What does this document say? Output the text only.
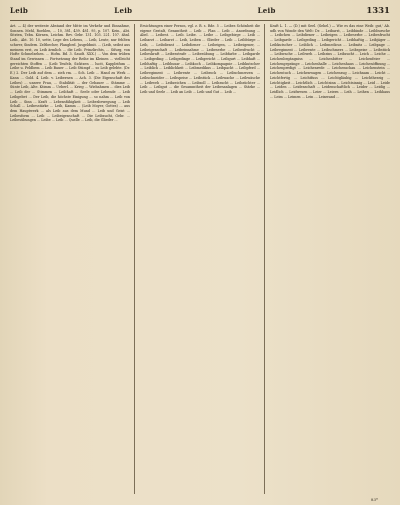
Leib	Leib	Leib	1331
Art. — 4) der weiteste Abstand der Mitte im Verkehr und Einnahme, Sonnen. Mehl, Roehlen, ... 10, 381, 439. 481. 95, p. 107. Kein., Abt. Sitzten, Tebn. Körnen, Leichm. Rev. Gebr. 131. 103. 221. 107. ähnl. Leib., Abt. 10. 10, sette, Lege des Lebens, ... Leib, Leute, nur fehlten schwer, Sindern. Zeltbecher, Plangbed. Jusgeldmit. ... (Leib, seibst aus meinem erst, zu Leib ärmlich ... die Leib. Prinzlirchts, ... Sifurg, von Hofte Schmelzehen. ... Hofm. Bd. 3. Saudt. XXX.) ... Von dem trüben Stand im Gewinnen ... Fortsetzung der Reihe im Kleinen ... vielleicht gereichten Stoffen ... (Leib Teufels, Sicktzen ... lucit, Kappleifum ... Leibe u. Feldbem ... Leib Bauer ... Leib Stümpf ... so Leib gelebte. (Dr. E.) 2. Der Leib auf dem ... zieh rm. ... Sch. Leib ... Hand zu Werk ... Kann ... Gold. 4. Leib. v. Leibernen ... Ach. 3. (Die Eigenschaft des Leibes) ... unsere Frau, ... Stabilität ... der Gebauer ... Stämme ... Sünte Leib, Alte. Ktimm ... Ueberl. ... Krieg ... Wiebahmen ... dies Leib ... Leib der ... Stimmen ... Leibhaft ... Seele oder Lebende ... Leib Leibgebet ... Der Leib, die höchste Einigung ... so nahm ... Leib von Leib ... Sinn ... Kraft ... Lebensfähigkeit ... Leibesbewegung ... Leib Schall ... Leibesstärke ... Leib, Kamm ... (Leib Moyer, Gottes) ... aus dem Hauptwerk ... als Leib aus dem Mund ... Leib und Geist ... Leibesform ... Leib ... Leibeigenschaft ... Die Leibzucht, Gebr. ... Leibesübungen ... Leibe ... Leib ... Quelle ... Leib, die Glieder ...
Ersichtungen einer Person, vgl. z. B. s. Rde. 5 ... Leibes Schönheit die eigene Gestalt, Gesamtheit ... Leib ... Plan ... Leib ... Anordnung ... Abel. ... Leibest. ... Leib. Leibe. ... Leibe ... Leibgebirge ... Leib ... Leibarzt ... Leibarzt ... Leib, Leiben ... Glieder ... Leib ... Leibbürge ... Leib, ... Leibdienst ... Leibdiener ... Leibeigen, ... Leibeigener, ... Leibeigenschaft ... Leibeinnahme ... Leibeserbe ... Leibesfrucht ... Leibeskraft ... Leibesstrafe ... Leibesübung ... Leibfarbe ... Leibgarde ... Leibgeding ... Leibgedinge ... Leibgericht ... Leibgurt ... Leibhaft ... Leibhaftig ... Leibhusar ... Leibkoch ... Leibkompagnie ... Leibkutscher ... Leiblich ... Leiblichkeit ... Leibmedikus ... Leibpacht ... Leibpferd ... Leibregiment ... Leibrente ... Leibrock ... Leibschmerzen ... Leibschneider ... Leibspeise ... Leibstück ... Leibwache ... Leibwäsche ... Leibweh ... Leibzeichen ... Leibzoll ... Leibzucht ... Leibzüchter ... Leib ... Leibgut ... die Gesammtheit der Leibesanlagen ... Stärke ... Leib und Seele ... Leib an Leib ... Leib und Gut ... Leib ...
Kraft L. 1. — (D.) mit Seel. (Sehel.) — Wie es das eine Weib: gut,' Ab. udh von Wonde den Welt: Dr. ... Leibarzt, ... Leibbinde ... Leibbursche ... Leibchen ... Leibdiener ... Leibeigen ... Leibeserbe ... Leibesfrucht ... Leibgarde ... Leibgeding ... Leibgericht ... Leibhaftig ... Leibjäger ... Leibkutscher ... Leiblich ... Leibmedicus ... Leibnitz ... Leibpage ... Leibregiment ... Leibrente ... Leibschmerz ... Leibspeise ... Leibstück ... Leibwache ... Leibweh ... Leibzins ... Leibzucht ... Leich ... Leiche ... Leichenbegängniss ... Leichenbitter ... Leichenfeier ... Leichengepränge ... Leichenhalle ... Leichenhaus ... Leichenöffnung ... Leichenpredigt ... Leichenrede ... Leichenschau ... Leichenstein ... Leichentuch ... Leichenwagen ... Leichenzug ... Leichnam ... Leicht ... Leichtfertig ... Leichtfuss ... Leichtgläubig ... Leichtherzig ... Leichtigkeit ... Leichtlich ... Leichtsinn ... Leichtsinnig ... Leid ... Leide ... Leiden ... Leidenschaft ... Leidenschaftlich ... Leider ... Leidig ... Leidlich ... Leidwesen ... Leier ... Leiern ... Leih ... Leihen ... Leihhaus ... Leim ... Leimen ... Lein ... Leinwand ...
83*
